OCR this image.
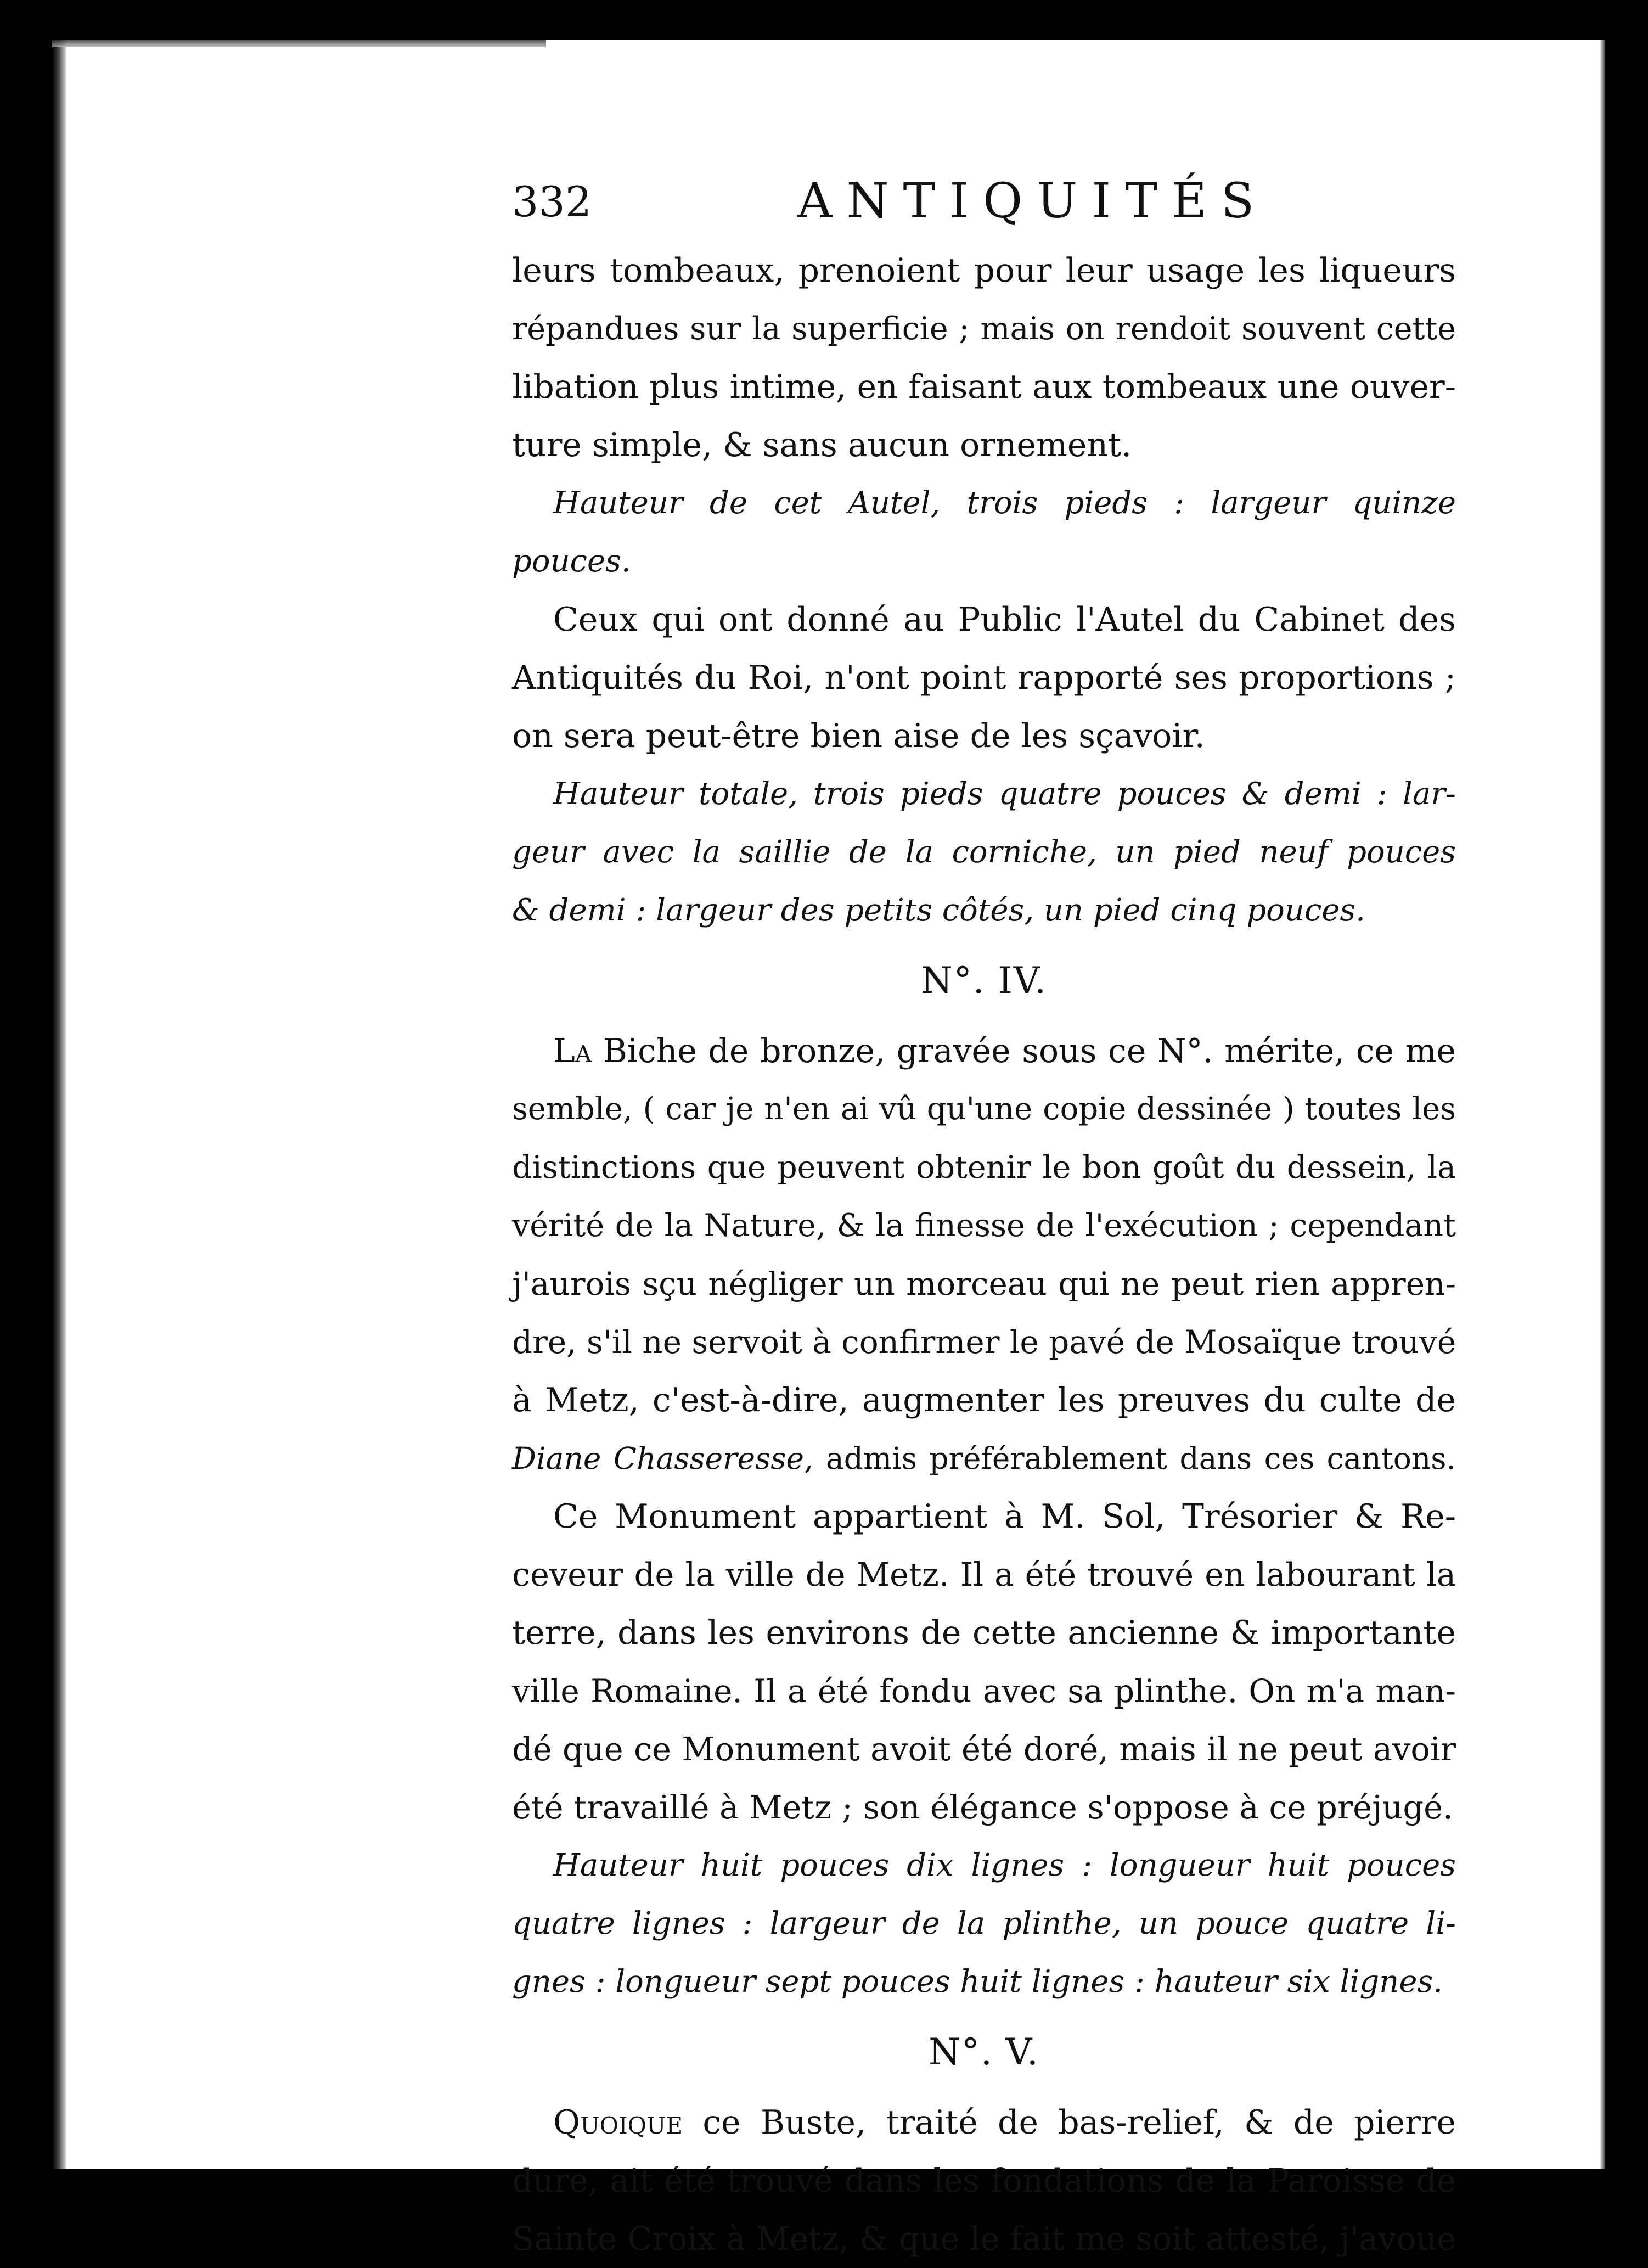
332	ANTIQUITÉS
leurs tombeaux, prenoient pour leur usage les liqueurs
répandues sur la superficie ; mais on rendoit souvent cette
libation plus intime, en faisant aux tombeaux une ouver-
ture simple, & sans aucun ornement.
Hauteur de cet Autel, trois pieds : largeur quinze
pouces.
Ceux qui ont donné au Public l'Autel du Cabinet des
Antiquités du Roi, n'ont point rapporté ses proportions ;
on sera peut-être bien aise de les sçavoir.
Hauteur totale, trois pieds quatre pouces & demi : lar-
geur avec la saillie de la corniche, un pied neuf pouces
& demi : largeur des petits côtés, un pied cinq pouces.
N°. IV.
La Biche de bronze, gravée sous ce N°. mérite, ce me
semble, ( car je n'en ai vû qu'une copie dessinée ) toutes les
distinctions que peuvent obtenir le bon goût du dessein, la
vérité de la Nature, & la finesse de l'exécution ; cependant
j'aurois sçu négliger un morceau qui ne peut rien appren-
dre, s'il ne servoit à confirmer le pavé de Mosaïque trouvé
à Metz, c'est-à-dire, augmenter les preuves du culte de
Diane Chasseresse, admis préférablement dans ces cantons.
Ce Monument appartient à M. Sol, Trésorier & Re-
ceveur de la ville de Metz. Il a été trouvé en labourant la
terre, dans les environs de cette ancienne & importante
ville Romaine. Il a été fondu avec sa plinthe. On m'a man-
dé que ce Monument avoit été doré, mais il ne peut avoir
été travaillé à Metz ; son élégance s'oppose à ce préjugé.
Hauteur huit pouces dix lignes : longueur huit pouces
quatre lignes : largeur de la plinthe, un pouce quatre li-
gnes : longueur sept pouces huit lignes : hauteur six lignes.
N°. V.
Quoique ce Buste, traité de bas-relief, & de pierre
dure, ait été trouvé dans les fondations de la Paroisse de
Sainte Croix à Metz, & que le fait me soit attesté, j'avoue
